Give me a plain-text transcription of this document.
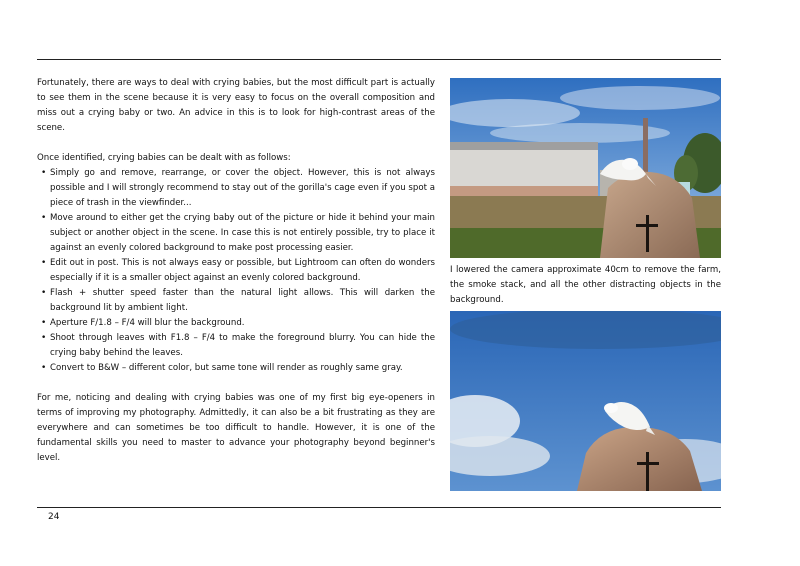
Fortunately, there are ways to deal with crying babies, but the most difficult part is actually to see them in the scene because it is very easy to focus on the overall composition and miss out a crying baby or two. An advice in this is to look for high-contrast areas of the scene.

Once identified, crying babies can be dealt with as follows:

• Simply go and remove, rearrange, or cover the object. However, this is not always possible and I will strongly recommend to stay out of the gorilla's cage even if you spot a piece of trash in the viewfinder...
• Move around to either get the crying baby out of the picture or hide it behind your main subject or another object in the scene. In case this is not entirely possible, try to place it against an evenly colored background to make post processing easier.
• Edit out in post. This is not always easy or possible, but Lightroom can often do wonders especially if it is a smaller object against an evenly colored background.
• Flash + shutter speed faster than the natural light allows. This will darken the background lit by ambient light.
• Aperture F/1.8 – F/4 will blur the background.
• Shoot through leaves with F1.8 – F/4 to make the foreground blurry. You can hide the crying baby behind the leaves.
• Convert to B&W – different color, but same tone will render as roughly same gray.

For me, noticing and dealing with crying babies was one of my first big eye-openers in terms of improving my photography. Admittedly, it can also be a bit frustrating as they are everywhere and can sometimes be too difficult to handle. However, it is one of the fundamental skills you need to master to advance your photography beyond beginner's level.

I lowered the camera approximate 40cm to remove the farm, the smoke stack, and all the other distracting objects in the background.

24
